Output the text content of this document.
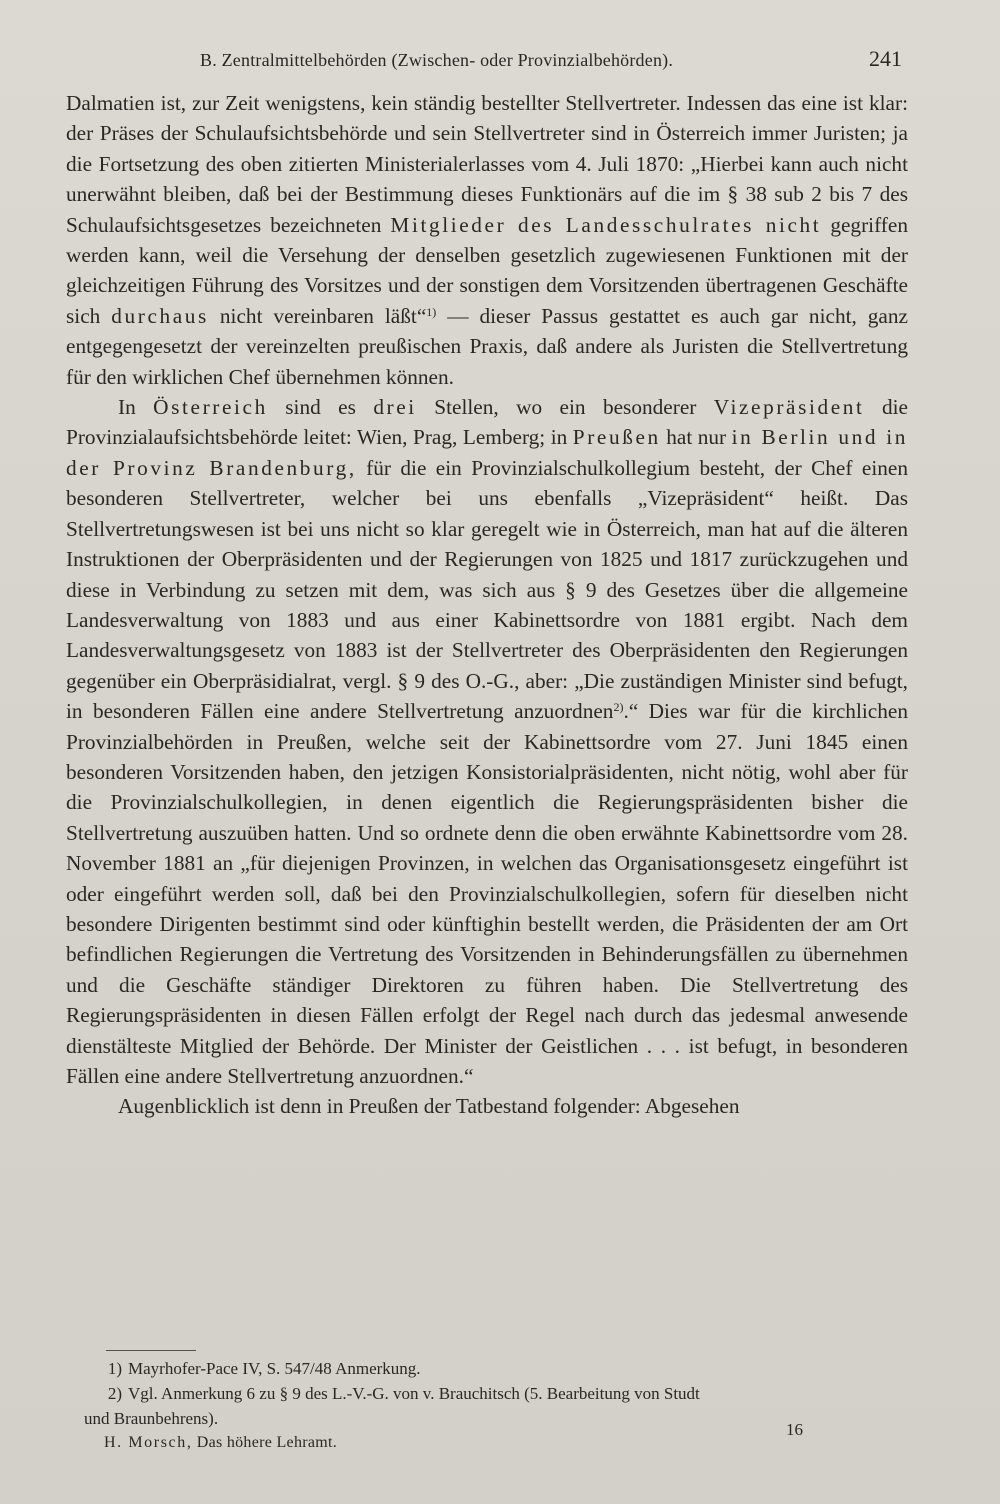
B. Zentralmittelbehörden (Zwischen- oder Provinzialbehörden).	241

Dalmatien ist, zur Zeit wenigstens, kein ständig bestellter Stellvertreter. Indessen das eine ist klar: der Präses der Schulaufsichtsbehörde und sein Stellvertreter sind in Österreich immer Juristen; ja die Fortsetzung des oben zitierten Ministerialerlasses vom 4. Juli 1870: „Hierbei kann auch nicht unerwähnt bleiben, daß bei der Bestimmung dieses Funktionärs auf die im § 38 sub 2 bis 7 des Schulaufsichtsgesetzes bezeichneten Mitglieder des Landesschulrates nicht gegriffen werden kann, weil die Versehung der denselben gesetzlich zugewiesenen Funktionen mit der gleichzeitigen Führung des Vorsitzes und der sonstigen dem Vorsitzenden übertragenen Geschäfte sich durchaus nicht vereinbaren läßt“$^{1)}$ — dieser Passus gestattet es auch gar nicht, ganz entgegengesetzt der vereinzelten preußischen Praxis, daß andere als Juristen die Stellvertretung für den wirklichen Chef übernehmen können.

In Österreich sind es drei Stellen, wo ein besonderer Vizepräsident die Provinzialaufsichtsbehörde leitet: Wien, Prag, Lemberg; in Preußen hat nur in Berlin und in der Provinz Brandenburg, für die ein Provinzialschulkollegium besteht, der Chef einen besonderen Stellvertreter, welcher bei uns ebenfalls „Vizepräsident“ heißt. Das Stellvertretungswesen ist bei uns nicht so klar geregelt wie in Österreich, man hat auf die älteren Instruktionen der Oberpräsidenten und der Regierungen von 1825 und 1817 zurückzugehen und diese in Verbindung zu setzen mit dem, was sich aus § 9 des Gesetzes über die allgemeine Landesverwaltung von 1883 und aus einer Kabinettsordre von 1881 ergibt. Nach dem Landesverwaltungsgesetz von 1883 ist der Stellvertreter des Oberpräsidenten den Regierungen gegenüber ein Oberpräsidialrat, vergl. § 9 des O.-G., aber: „Die zuständigen Minister sind befugt, in besonderen Fällen eine andere Stellvertretung anzuordnen$^{2)}$.“ Dies war für die kirchlichen Provinzialbehörden in Preußen, welche seit der Kabinettsordre vom 27. Juni 1845 einen besonderen Vorsitzenden haben, den jetzigen Konsistorialpräsidenten, nicht nötig, wohl aber für die Provinzialschulkollegien, in denen eigentlich die Regierungspräsidenten bisher die Stellvertretung auszuüben hatten. Und so ordnete denn die oben erwähnte Kabinettsordre vom 28. November 1881 an „für diejenigen Provinzen, in welchen das Organisationsgesetz eingeführt ist oder eingeführt werden soll, daß bei den Provinzialschulkollegien, sofern für dieselben nicht besondere Dirigenten bestimmt sind oder künftighin bestellt werden, die Präsidenten der am Ort befindlichen Regierungen die Vertretung des Vorsitzenden in Behinderungsfällen zu übernehmen und die Geschäfte ständiger Direktoren zu führen haben. Die Stellvertretung des Regierungspräsidenten in diesen Fällen erfolgt der Regel nach durch das jedesmal anwesende dienstälteste Mitglied der Behörde. Der Minister der Geistlichen . . . ist befugt, in besonderen Fällen eine andere Stellvertretung anzuordnen.“

Augenblicklich ist denn in Preußen der Tatbestand folgender: Abgesehen

1) Mayrhofer-Pace IV, S. 547/48 Anmerkung.

2) Vgl. Anmerkung 6 zu § 9 des L.-V.-G. von v. Brauchitsch (5. Bearbeitung von Studt

und Braunbehrens).

H. Morsch, Das höhere Lehramt.
16
